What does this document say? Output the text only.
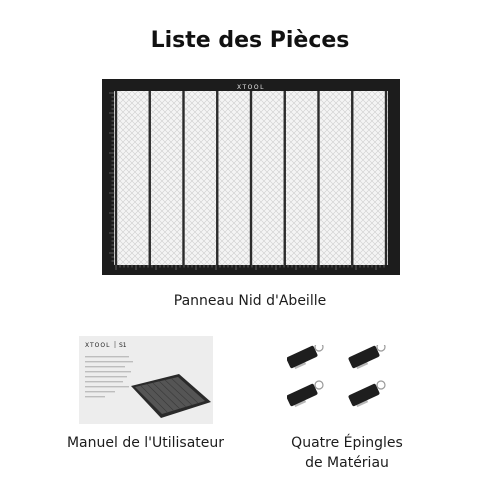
Liste des Pièces
XTOOL
Panneau Nid d'Abeille
XTOOL S1
Manuel de l'Utilisateur	Quatre Épingles
de Matériau
